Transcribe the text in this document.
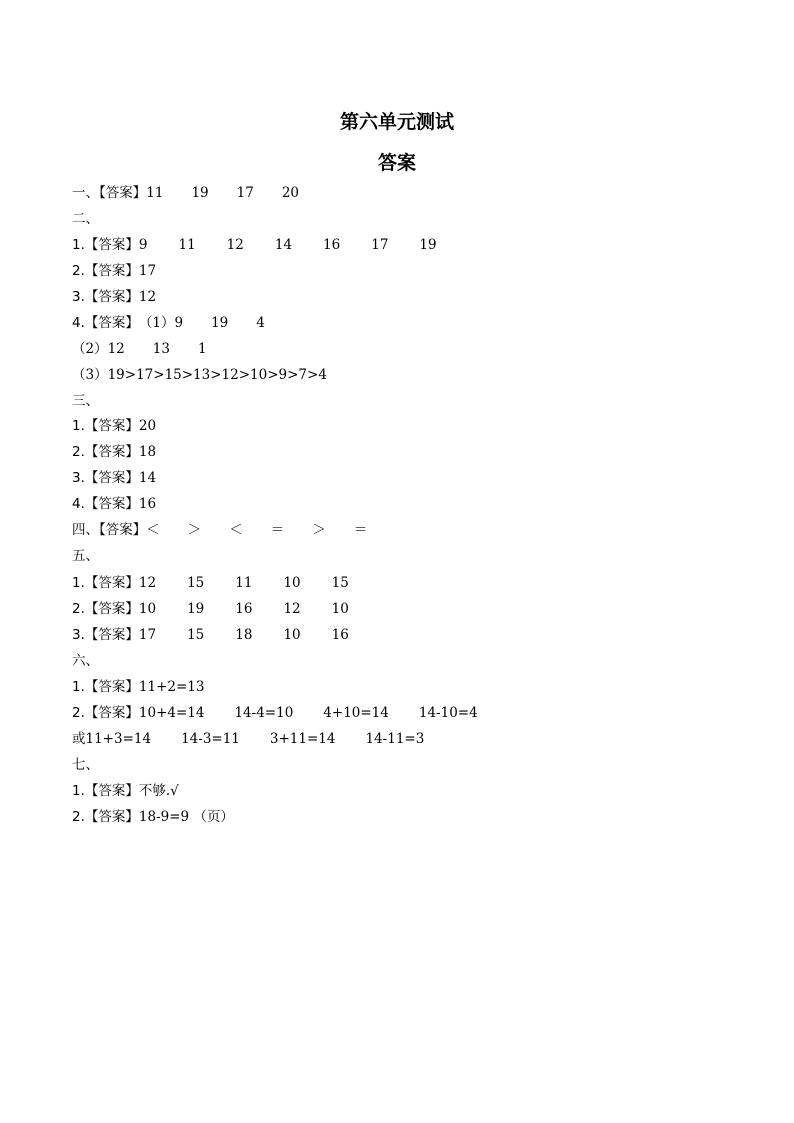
第六单元测试
答案
一、【答案】11 19 17 20
二、
1.【答案】9 11 12 14 16 17 19
2.【答案】17
3.【答案】12
4.【答案】（1）9 19 4
（2）12 13 1
（3）19>17>15>13>12>10>9>7>4
三、
1.【答案】20
2.【答案】18
3.【答案】14
4.【答案】16
四、【答案】＜ ＞ ＜ ＝ ＞ ＝
五、
1.【答案】12 15 11 10 15
2.【答案】10 19 16 12 10
3.【答案】17 15 18 10 16
六、
1.【答案】11+2=13
2.【答案】10+4=14 14-4=10 4+10=14 14-10=4
或11+3=14 14-3=11 3+11=14 14-11=3
七、
1.【答案】不够.√
2.【答案】18-9=9 （页）
